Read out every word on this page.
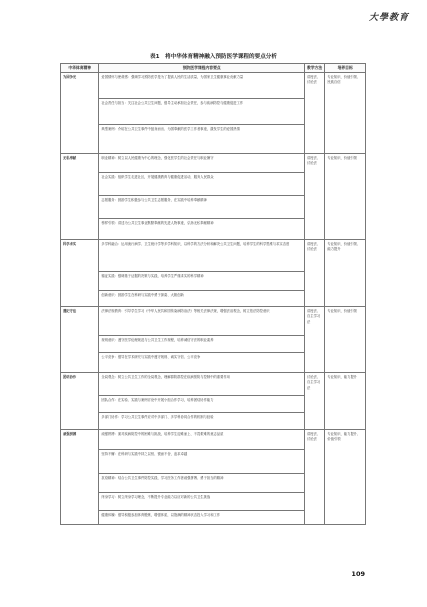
大學教育
表1　将中华体育精神融入预防医学课程的要点分析
中华体育精神	预防医学课程内容要点	教学方法	培养目标
为国争光	爱国情怀与使命感：强调学习预防医学是为了提高人民的生活质量，为国家卫生健康事业贡献力量	讲授法、讨论法	专业知识、价值引领、民族自信
	社会责任与担当：关注社会公共卫生问题，倡导主动承担社会责任，参与疾病防控与健康促进工作		
	典型案例：介绍在公共卫生事件中挺身而出、为国奉献的医学工作者事迹，激发学生的爱国热情		
无私奉献	职业精神：树立以人民健康为中心的理念，强化医学生的社会责任与职业操守	讲授法、讨论法	专业知识、价值引领
	社会实践：组织学生走进社区，开展健康教育与健康促进活动，服务人民群众		
	志愿服务：鼓励学生积极参与公共卫生志愿服务，在实践中培养奉献精神		
	榜样引领：讲述为公共卫生事业默默奉献的先进人物事迹，弘扬无私奉献精神		
科学求实	多学科融合：运用流行病学、卫生统计学等多学科知识，以科学的方法分析和解决公共卫生问题，培养学生的科学思维与求实态度	讲授法、讨论法	专业知识、价值引领、能力提升
	循证实践：强调基于证据的决策与实践，培养学生严谨求实的科学精神		
	创新意识：鼓励学生在科研与实践中勇于探索、大胆创新		
遵纪守法	法律法规教育：引导学生学习《中华人民共和国传染病防治法》等相关法律法规，增强法治观念，树立依法防控意识	讲授法、自主学习法	专业知识、价值引领
	规则意识：遵守医学伦理规范与公共卫生工作规程，培养诚信守法的职业素养		
	公平竞争：倡导在学术研究与实践中遵守规则、诚实守信、公平竞争		
团结协作	全局观念：树立公共卫生工作的全局观念，理解群防群控在疾病预防与控制中的重要作用	讨论法、自主学习法	专业知识、能力提升
	团队合作：在实验、实践与案例讨论中开展小组合作学习，培养团结协作能力		
	多部门协作：学习公共卫生事件应对中多部门、多学科协同合作的机制与经验		
顽强拼搏	顽强拼搏：面对疾病防控中的困难与挑战，培养学生迎难而上、不畏艰难的意志品质	讲授法、讨论法	专业知识、能力提升、价值引领
	坚持不懈：在科研与实践中持之以恒、锲而不舍，追求卓越		
	抗疫精神：结合公共卫生事件防控实践，学习医务工作者顽强拼搏、勇于担当的精神		
	终身学习：树立终身学习理念，不断提升专业能力以应对新的公共卫生挑战		
	健康体魄：倡导积极参加体育锻炼，增强体质，以饱满的精神状态投入学习和工作		
109
